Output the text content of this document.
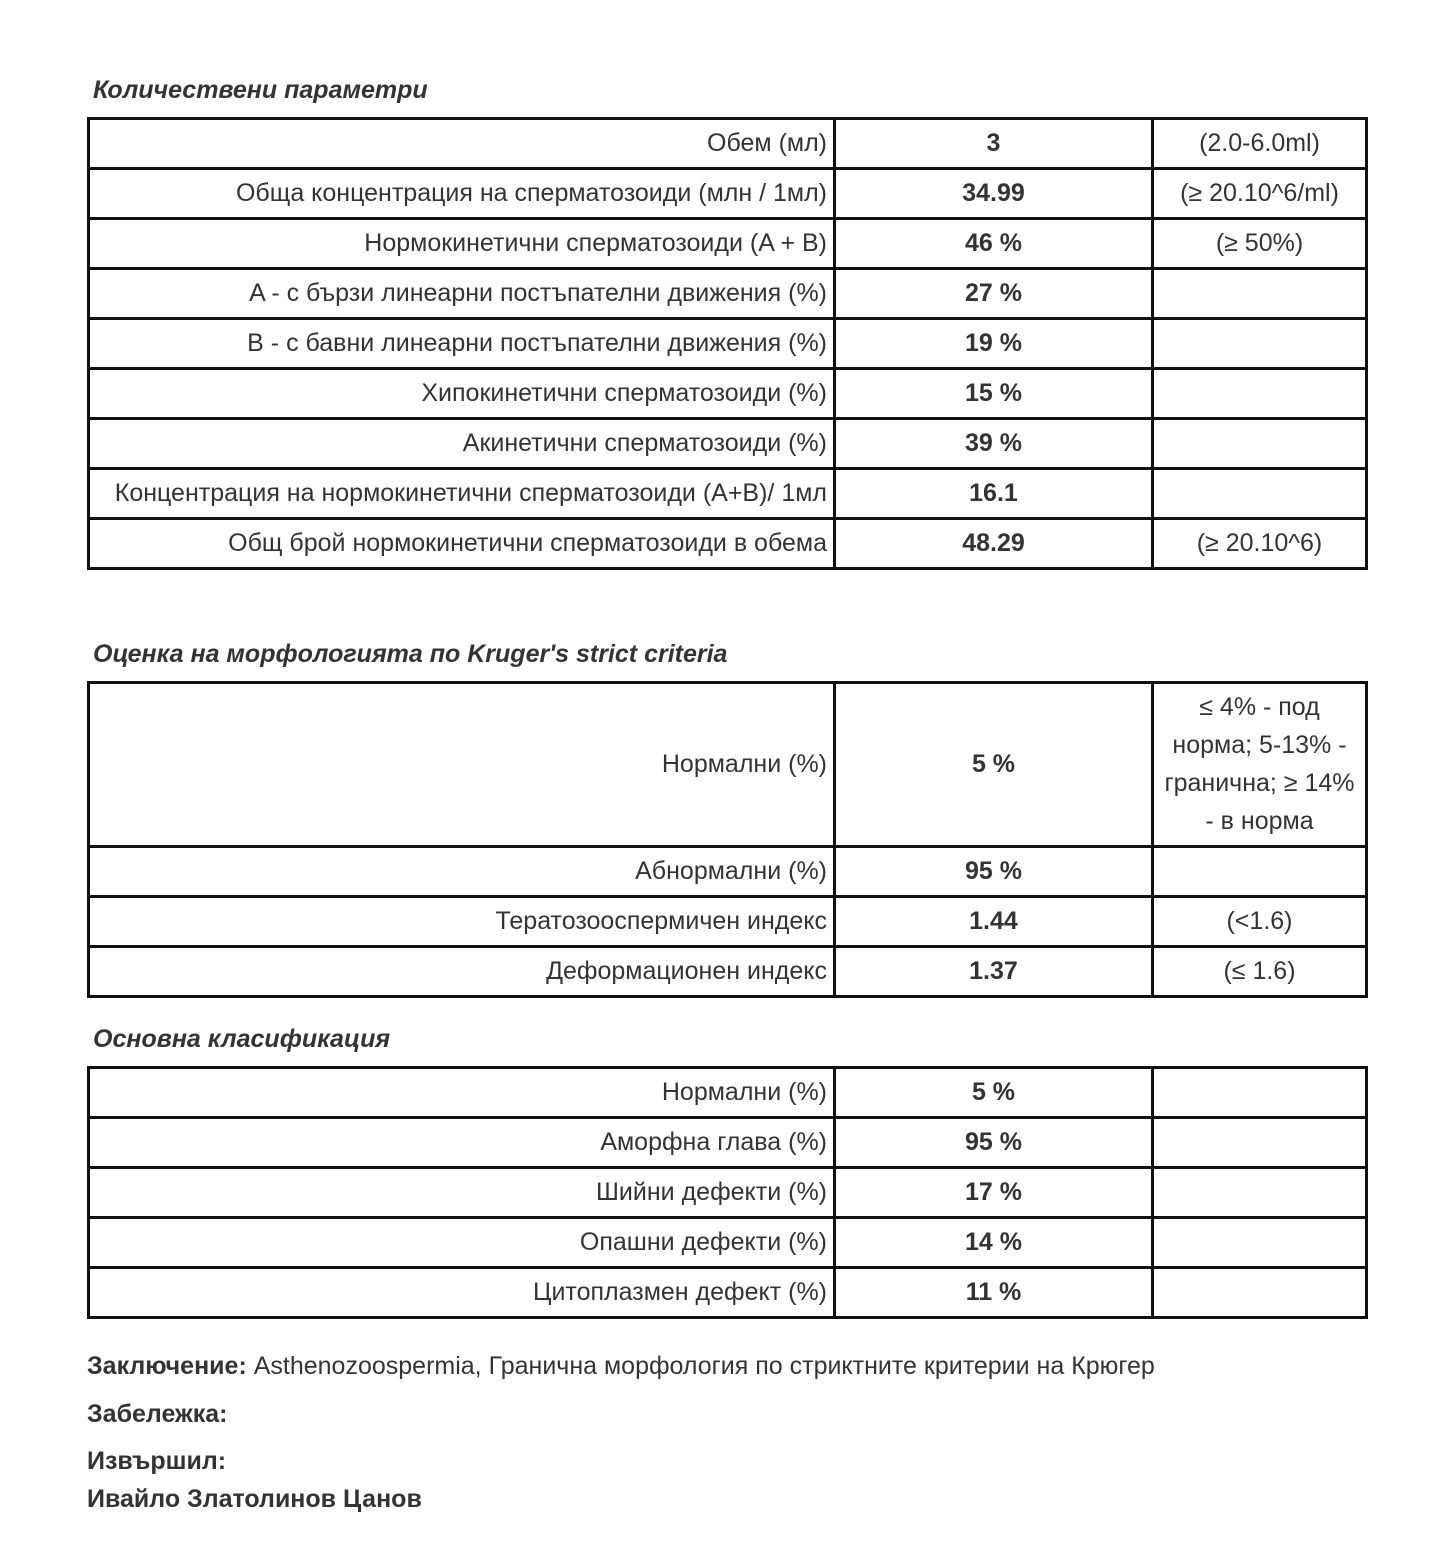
Количествени параметри
Обем (мл)	3	(2.0-6.0ml)
Обща концентрация на сперматозоиди (млн / 1мл)	34.99	(≥ 20.10^6/ml)
Нормокинетични сперматозоиди (A + B)	46 %	(≥ 50%)
A - с бързи линеарни постъпателни движения (%)	27 %	
B - с бавни линеарни постъпателни движения (%)	19 %	
Хипокинетични сперматозоиди (%)	15 %	
Акинетични сперматозоиди (%)	39 %	
Концентрация на нормокинетични сперматозоиди (A+B)/ 1мл	16.1	
Общ брой нормокинетични сперматозоиди в обема	48.29	(≥ 20.10^6)
Оценка на морфологията по Kruger's strict criteria
Нормални (%)	5 %	≤ 4% - под норма; 5-13% - гранична; ≥ 14% - в норма
Абнормални (%)	95 %	
Тератозооспермичен индекс	1.44	(<1.6)
Деформационен индекс	1.37	(≤ 1.6)
Основна класификация
Нормални (%)	5 %	
Аморфна глава (%)	95 %	
Шийни дефекти (%)	17 %	
Опашни дефекти (%)	14 %	
Цитоплазмен дефект (%)	11 %	
Заключение: Asthenozoospermia, Гранична морфология по стриктните критерии на Крюгер
Забележка:
Извършил:
Ивайло Златолинов Цанов
